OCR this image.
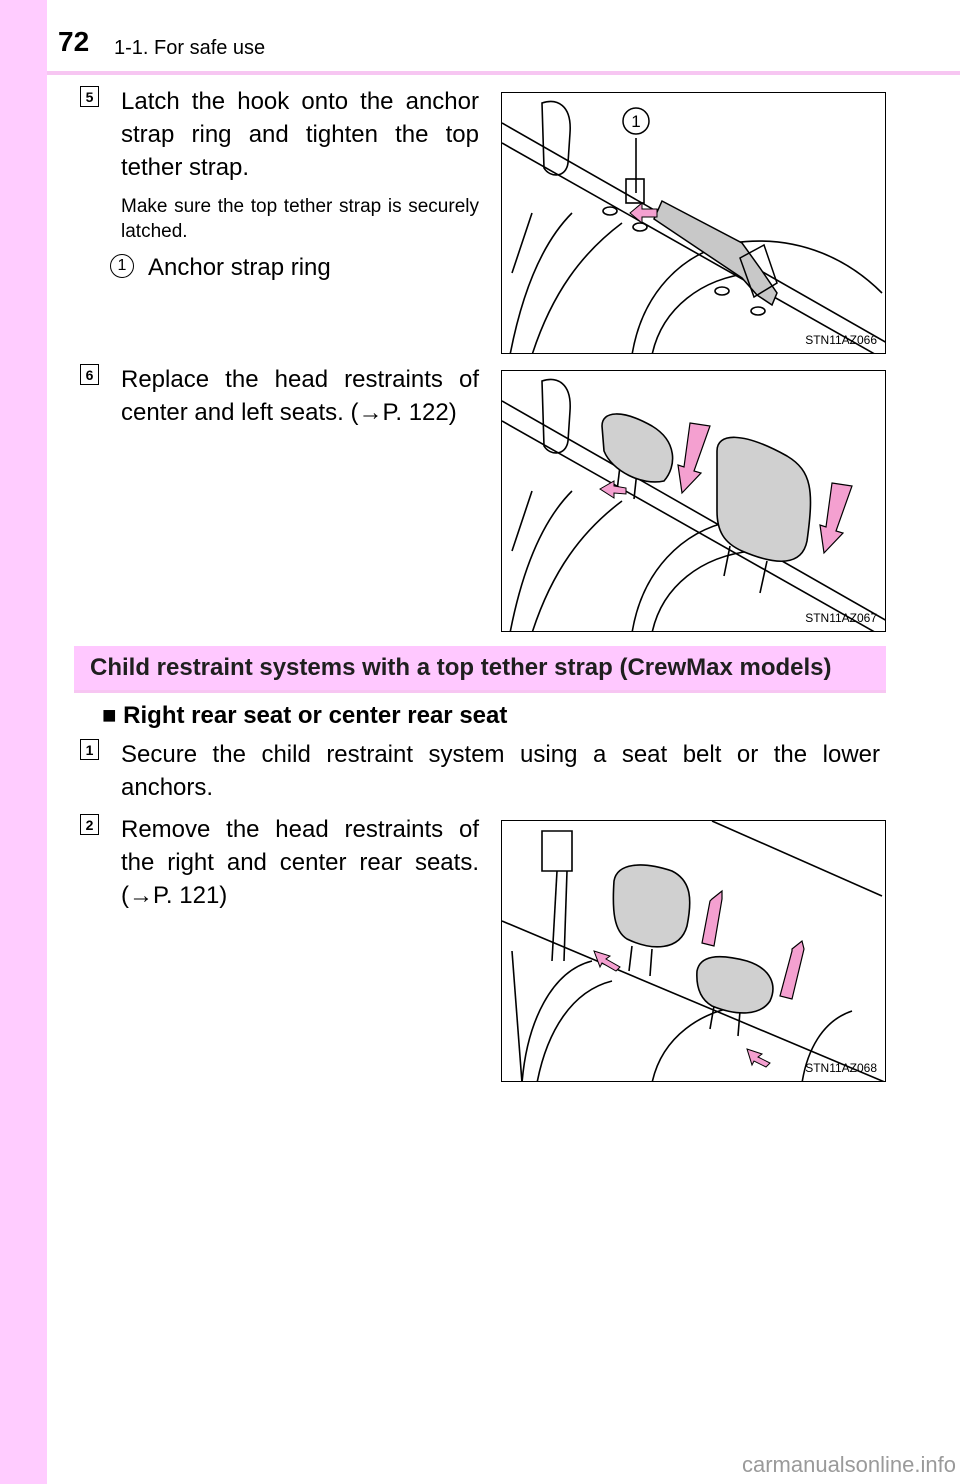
72 1-1. For safe use
5 Latch the hook onto the anchor strap ring and tighten the top tether strap.
Make sure the top tether strap is securely latched.
1 Anchor strap ring
1
STN11AZ066
6 Replace the head restraints of center and left seats. (→P. 122)
STN11AZ067
Child restraint systems with a top tether strap (CrewMax models)
■ Right rear seat or center rear seat
1 Secure the child restraint system using a seat belt or the lower anchors.
2 Remove the head restraints of the right and center rear seats. (→P. 121)
STN11AZ068
carmanualsonline.info
